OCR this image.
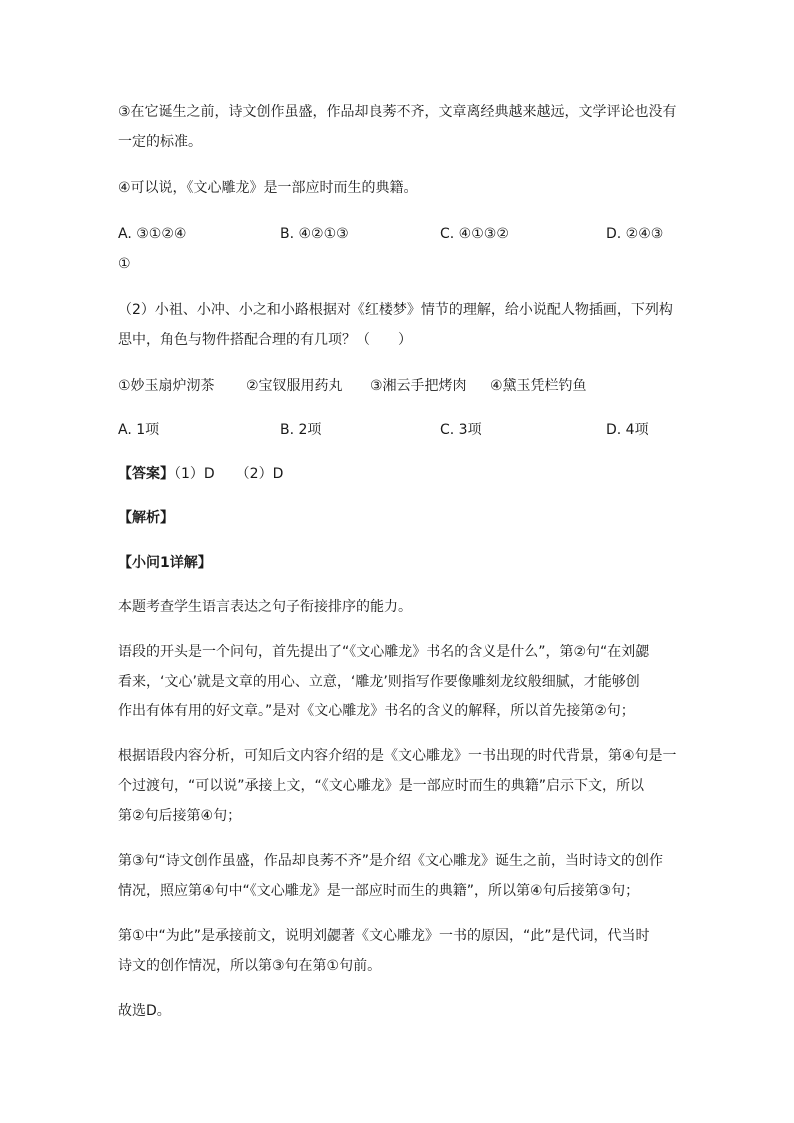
③在它诞生之前，诗文创作虽盛，作品却良莠不齐，文章离经典越来越远，文学评论也没有
一定的标准。
④可以说，《文心雕龙》是一部应时而生的典籍。
A. ③①②④	B. ④②①③	C. ④①③②	D. ②④③
①
（2）小祖、小冲、小之和小路根据对《红楼梦》情节的理解，给小说配人物插画，下列构
思中，角色与物件搭配合理的有几项？（　　）
①妙玉扇炉沏茶 ②宝钗服用药丸 ③湘云手把烤肉 ④黛玉凭栏钓鱼
A. 1项	B. 2项	C. 3项	D. 4项
【答案】（1）D　　（2）D
【解析】
【小问1详解】
本题考查学生语言表达之句子衔接排序的能力。
语段的开头是一个问句，首先提出了“《文心雕龙》书名的含义是什么”，第②句“在刘勰
看来，‘文心’就是文章的用心、立意，‘雕龙’则指写作要像雕刻龙纹般细腻，才能够创
作出有体有用的好文章。”是对《文心雕龙》书名的含义的解释，所以首先接第②句；
根据语段内容分析，可知后文内容介绍的是《文心雕龙》一书出现的时代背景，第④句是一
个过渡句，“可以说”承接上文，“《文心雕龙》是一部应时而生的典籍”启示下文，所以
第②句后接第④句；
第③句“诗文创作虽盛，作品却良莠不齐”是介绍《文心雕龙》诞生之前，当时诗文的创作
情况，照应第④句中“《文心雕龙》是一部应时而生的典籍”，所以第④句后接第③句；
第①中“为此”是承接前文，说明刘勰著《文心雕龙》一书的原因，“此”是代词，代当时
诗文的创作情况，所以第③句在第①句前。
故选D。
